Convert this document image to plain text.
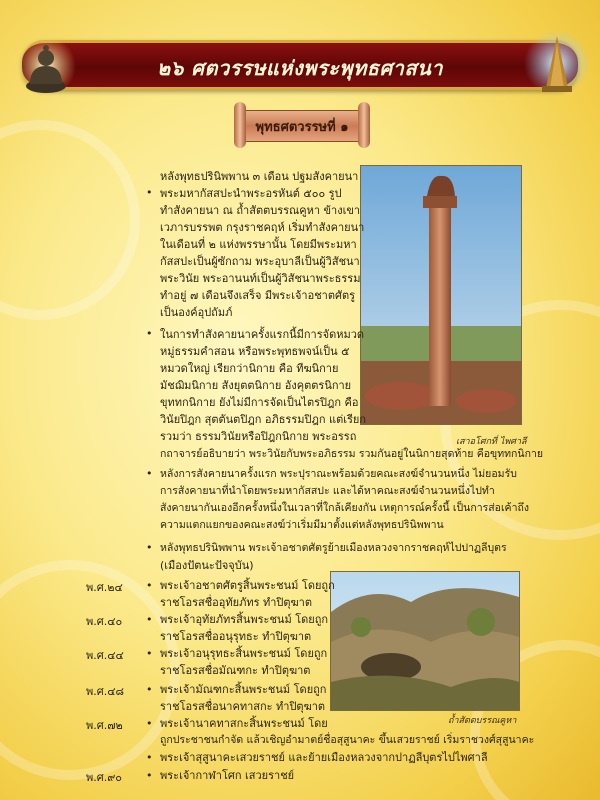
๒๖ ศตวรรษแห่งพระพุทธศาสนา
พุทธศตวรรษที่ ๑
เสาอโศกที่ ไพศาลี
ถ้ำสัตตบรรณคูหา
หลังพุทธปรินิพพาน ๓ เดือน ปฐมสังคายนา
• พระมหากัสสปะนำพระอรหันต์ ๕๐๐ รูป
ทำสังคายนา ณ ถ้ำสัตตบรรณคูหา ข้างเขา
เวภารบรรพต กรุงราชคฤห์ เริ่มทำสังคายนา
ในเดือนที่ ๒ แห่งพรรษานั้น โดยมีพระมหา
กัสสปะเป็นผู้ซักถาม พระอุบาลีเป็นผู้วิสัชนา
พระวินัย พระอานนท์เป็นผู้วิสัชนาพระธรรม
ทำอยู่ ๗ เดือนจึงเสร็จ มีพระเจ้าอชาตศัตรู
เป็นองค์อุปถัมภ์
• ในการทำสังคายนาครั้งแรกนี้มีการจัดหมวด
หมู่ธรรมคำสอน หรือพระพุทธพจน์เป็น ๕
หมวดใหญ่ เรียกว่านิกาย คือ ทีฆนิกาย
มัชฌิมนิกาย สังยุตตนิกาย อังคุตตรนิกาย
ขุททกนิกาย ยังไม่มีการจัดเป็นไตรปิฎก คือ
วินัยปิฎก สุตตันตปิฎก อภิธรรมปิฎก แต่เรียก
รวมว่า ธรรมวินัยหรือปิฎกนิกาย พระอรรถ
กถาจารย์อธิบายว่า พระวินัยกับพระอภิธรรม รวมกันอยู่ในนิกายสุดท้าย คือขุททกนิกาย
• หลังการสังคายนาครั้งแรก พระปุราณะพร้อมด้วยคณะสงฆ์จำนวนหนึ่ง ไม่ยอมรับ
การสังคายนาที่นำโดยพระมหากัสสปะ และได้หาคณะสงฆ์จำนวนหนึ่งไปทำ
สังคายนากันเองอีกครั้งหนึ่งในเวลาที่ใกล้เคียงกัน เหตุการณ์ครั้งนี้ เป็นการส่อเค้าถึง
ความแตกแยกของคณะสงฆ์ว่าเริ่มมีมาตั้งแต่หลังพุทธปรินิพพาน
• หลังพุทธปรินิพพาน พระเจ้าอชาตศัตรูย้ายเมืองหลวงจากราชคฤห์ไปปาฏลีบุตร
(เมืองปัตนะปัจจุบัน)
พ.ศ.๒๔ • พระเจ้าอชาตศัตรูสิ้นพระชนม์ โดยถูก
ราชโอรสชื่ออุทัยภัทร ทำปิตุฆาต
พ.ศ.๔๐ • พระเจ้าอุทัยภัทรสิ้นพระชนม์ โดยถูก
ราชโอรสชื่ออนุรุทธะ ทำปิตุฆาต
พ.ศ.๔๔ • พระเจ้าอนุรุทธะสิ้นพระชนม์ โดยถูก
ราชโอรสชื่อมัณฑกะ ทำปิตุฆาต
พ.ศ.๔๘ • พระเจ้ามัณฑกะสิ้นพระชนม์ โดยถูก
ราชโอรสชื่อนาคทาสกะ ทำปิตุฆาต
พ.ศ.๗๒ • พระเจ้านาคทาสกะสิ้นพระชนม์ โดย
ถูกประชาชนกำจัด แล้วเชิญอำมาตย์ชื่อสุสูนาคะ ขึ้นเสวยราชย์ เริ่มราชวงศ์สุสูนาคะ
• พระเจ้าสุสูนาคะเสวยราชย์ และย้ายเมืองหลวงจากปาฏลีบุตรไปไพศาลี
พ.ศ.๙๐ • พระเจ้ากาฬาโศก เสวยราชย์
